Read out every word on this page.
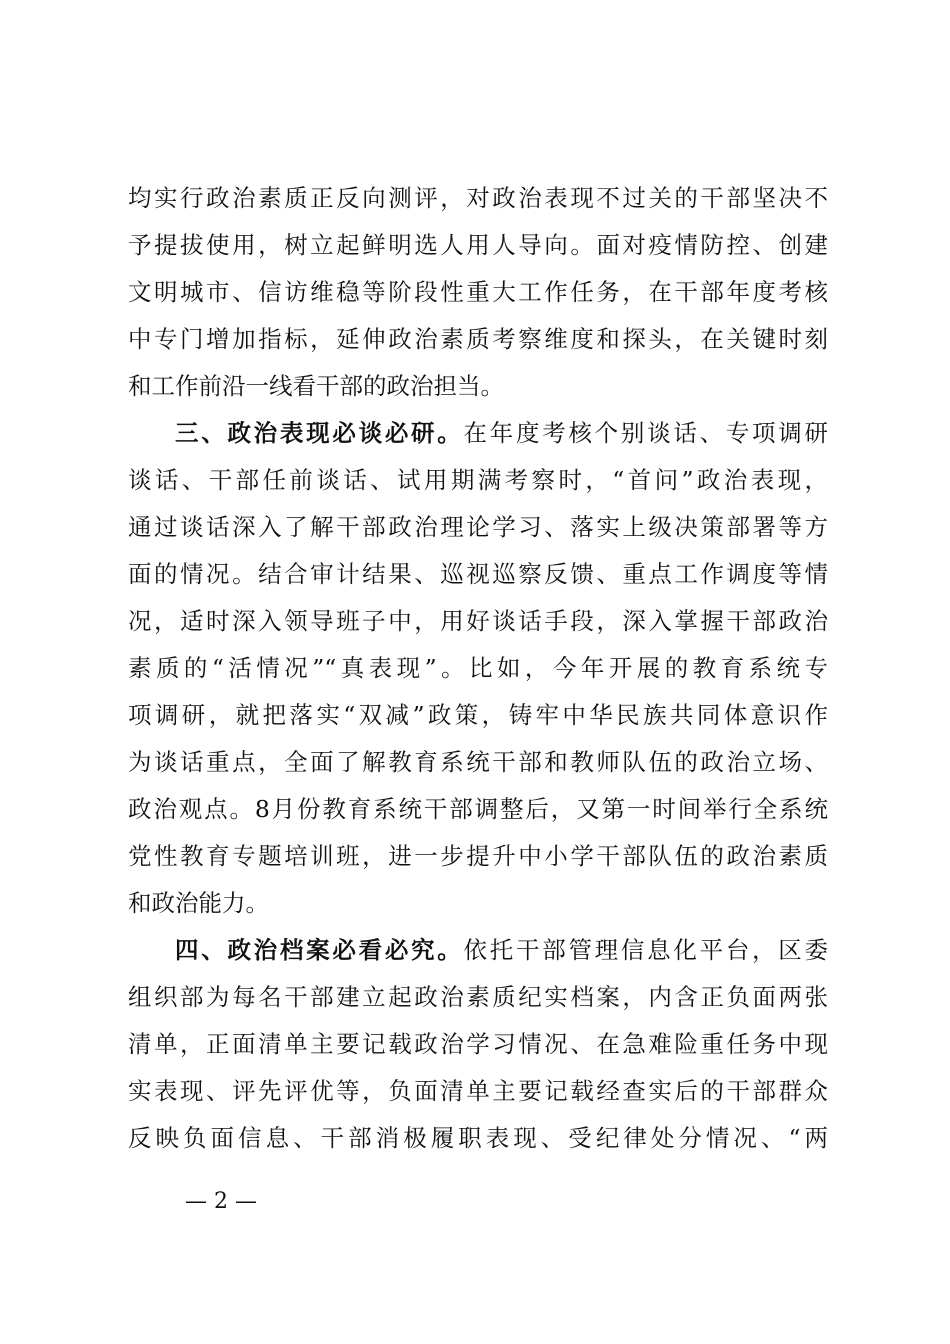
均实行政治素质正反向测评，对政治表现不过关的干部坚决不
予提拔使用，树立起鲜明选人用人导向。面对疫情防控、创建
文明城市、信访维稳等阶段性重大工作任务，在干部年度考核
中专门增加指标，延伸政治素质考察维度和探头，在关键时刻
和工作前沿一线看干部的政治担当。
三、政治表现必谈必研。在年度考核个别谈话、专项调研
谈话、干部任前谈话、试用期满考察时，“首问”政治表现，
通过谈话深入了解干部政治理论学习、落实上级决策部署等方
面的情况。结合审计结果、巡视巡察反馈、重点工作调度等情
况，适时深入领导班子中，用好谈话手段，深入掌握干部政治
素质的“活情况”“真表现”。比如，今年开展的教育系统专
项调研，就把落实“双减”政策，铸牢中华民族共同体意识作
为谈话重点，全面了解教育系统干部和教师队伍的政治立场、
政治观点。8月份教育系统干部调整后，又第一时间举行全系统
党性教育专题培训班，进一步提升中小学干部队伍的政治素质
和政治能力。
四、政治档案必看必究。依托干部管理信息化平台，区委
组织部为每名干部建立起政治素质纪实档案，内含正负面两张
清单，正面清单主要记载政治学习情况、在急难险重任务中现
实表现、评先评优等，负面清单主要记载经查实后的干部群众
反映负面信息、干部消极履职表现、受纪律处分情况、“两
— 2 —
